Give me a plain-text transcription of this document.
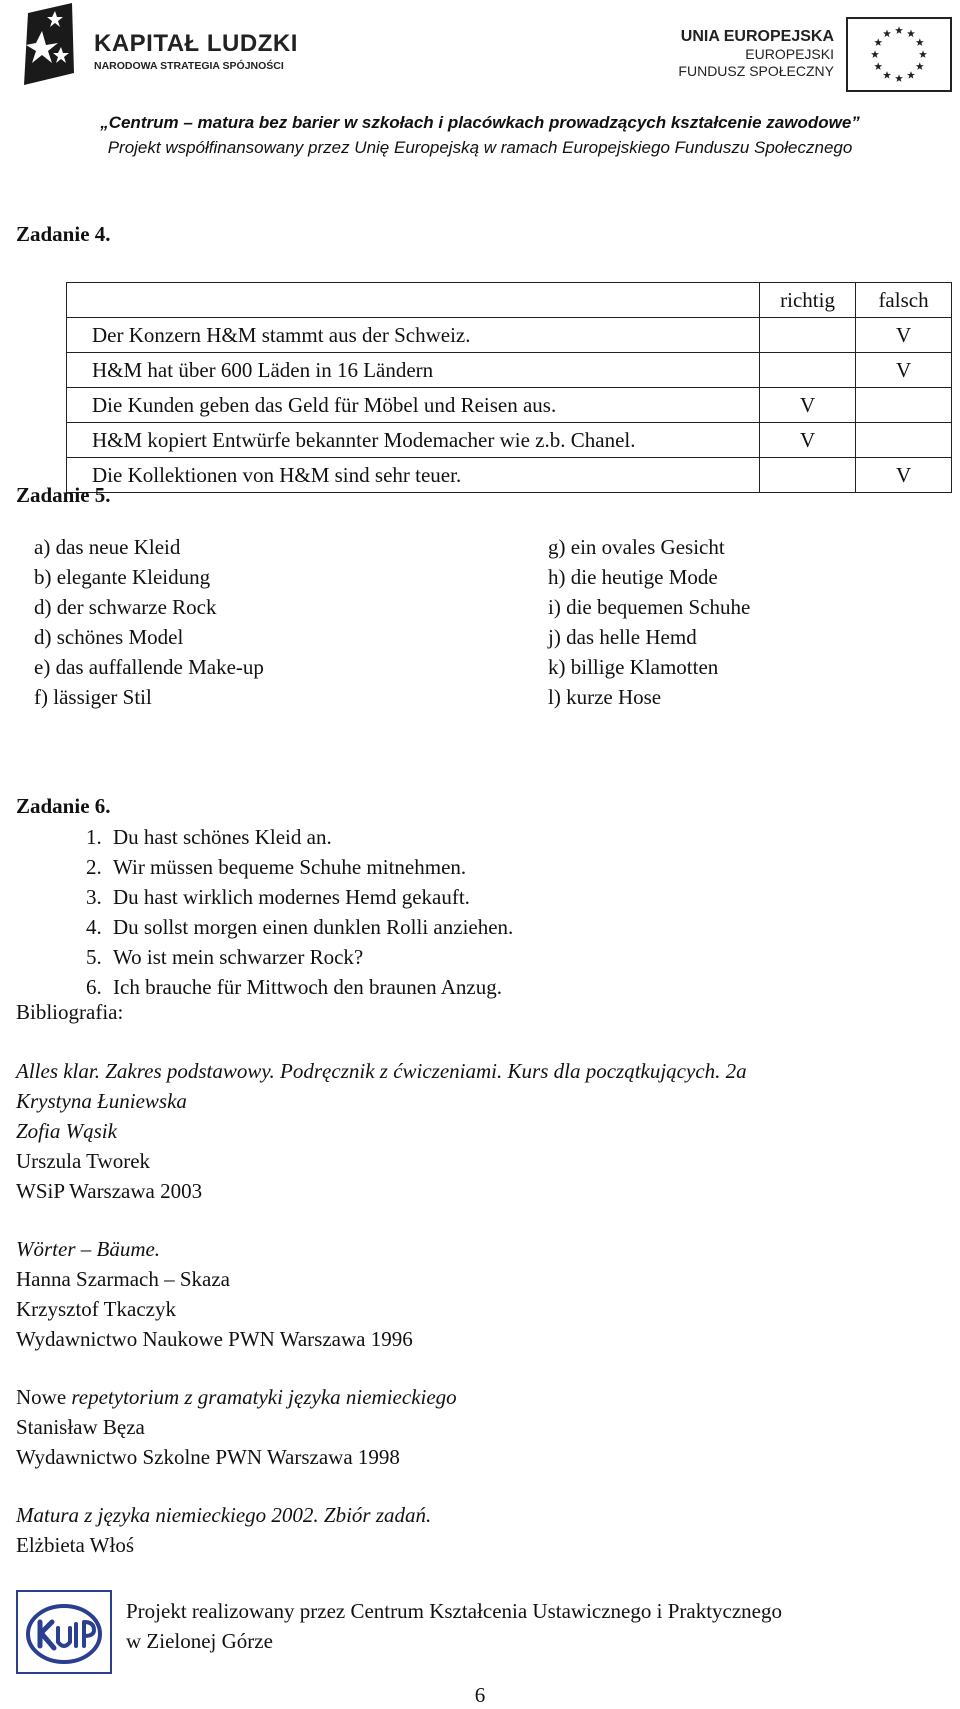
KAPITAŁ LUDZKI
NARODOWA STRATEGIA SPÓJNOŚCI
UNIA EUROPEJSKA
EUROPEJSKI
FUNDUSZ SPOŁECZNY
„Centrum – matura bez barier w szkołach i placówkach prowadzących kształcenie zawodowe”
Projekt współfinansowany przez Unię Europejską w ramach Europejskiego Funduszu Społecznego
Zadanie 4.
	richtig	falsch
Der Konzern H&M stammt aus der Schweiz.		V
H&M hat über 600 Läden in 16 Ländern		V
Die Kunden geben das Geld für Möbel und Reisen aus.	V	
H&M kopiert Entwürfe bekannter Modemacher wie z.b. Chanel.	V	
Die Kollektionen von H&M sind sehr teuer.		V
Zadanie 5.
a) das neue Kleid
b) elegante Kleidung
d) der schwarze Rock
d) schönes Model
e) das auffallende Make-up
f) lässiger Stil
g) ein ovales Gesicht
h) die heutige Mode
i) die bequemen Schuhe
j) das helle Hemd
k) billige Klamotten
l) kurze Hose
Zadanie 6.
1. Du hast schönes Kleid an.
2. Wir müssen bequeme Schuhe mitnehmen.
3. Du hast wirklich modernes Hemd gekauft.
4. Du sollst morgen einen dunklen Rolli anziehen.
5. Wo ist mein schwarzer Rock?
6. Ich brauche für Mittwoch den braunen Anzug.
Bibliografia:
Alles klar. Zakres podstawowy. Podręcznik z ćwiczeniami. Kurs dla początkujących. 2a
Krystyna Łuniewska
Zofia Wąsik
Urszula Tworek
WSiP Warszawa 2003
Wörter – Bäume.
Hanna Szarmach – Skaza
Krzysztof Tkaczyk
Wydawnictwo Naukowe PWN Warszawa 1996
Nowe repetytorium z gramatyki języka niemieckiego
Stanisław Bęza
Wydawnictwo Szkolne PWN Warszawa 1998
Matura z języka niemieckiego 2002. Zbiór zadań.
Elżbieta Włoś
Projekt realizowany przez Centrum Kształcenia Ustawicznego i Praktycznego
w Zielonej Górze
6
